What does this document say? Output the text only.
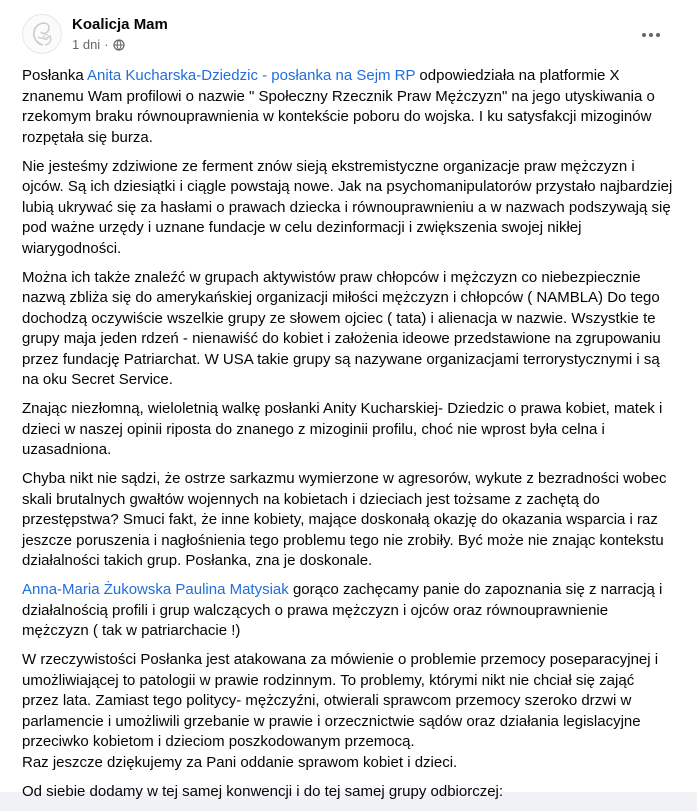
Koalicja Mam
1 dni ·

Posłanka Anita Kucharska-Dziedzic - posłanka na Sejm RP odpowiedziała na platformie X znanemu Wam profilowi o nazwie " Społeczny Rzecznik Praw Mężczyzn" na jego utyskiwania o rzekomym braku równouprawnienia w kontekście poboru do wojska. I ku satysfakcji mizoginów rozpętała się burza.

Nie jesteśmy zdziwione ze ferment znów sieją ekstremistyczne organizacje praw mężczyzn i ojców. Są ich dziesiątki i ciągle powstają nowe. Jak na psychomanipulatorów przystało najbardziej lubią ukrywać się za hasłami o prawach dziecka i równouprawnieniu a w nazwach podszywają się pod ważne urzędy i uznane fundacje w celu dezinformacji i zwiększenia swojej nikłej wiarygodności.

Można ich także znaleźć w grupach aktywistów praw chłopców i mężczyzn co niebezpiecznie nazwą zbliża się do amerykańskiej organizacji miłości mężczyzn i chłopców ( NAMBLA) Do tego dochodzą oczywiście wszelkie grupy ze słowem ojciec ( tata) i alienacja w nazwie. Wszystkie te grupy maja jeden rdzeń - nienawiść do kobiet i założenia ideowe przedstawione na zgrupowaniu przez fundację Patriarchat. W USA takie grupy są nazywane organizacjami terrorystycznymi i są na oku Secret Service.

Znając niezłomną, wieloletnią walkę posłanki Anity Kucharskiej- Dziedzic o prawa kobiet, matek i dzieci w naszej opinii riposta do znanego z mizoginii profilu, choć nie wprost była celna i uzasadniona.

Chyba nikt nie sądzi, że ostrze sarkazmu wymierzone w agresorów, wykute z bezradności wobec skali brutalnych gwałtów wojennych na kobietach i dzieciach jest tożsame z zachętą do przestępstwa? Smuci fakt, że inne kobiety, mające doskonałą okazję do okazania wsparcia i raz jeszcze poruszenia i nagłośnienia tego problemu tego nie zrobiły. Być może nie znając kontekstu działalności takich grup. Posłanka, zna je doskonale.

Anna-Maria Żukowska Paulina Matysiak gorąco zachęcamy panie do zapoznania się z narracją i działalnością profili i grup walczących o prawa mężczyzn i ojców oraz równouprawnienie mężczyzn ( tak w patriarchacie !)

W rzeczywistości Posłanka jest atakowana za mówienie o problemie przemocy poseparacyjnej i umożliwiającej to patologii w prawie rodzinnym. To problemy, którymi nikt nie chciał się zająć przez lata. Zamiast tego politycy- mężczyźni, otwierali sprawcom przemocy szeroko drzwi w parlamencie i umożliwili grzebanie w prawie i orzecznictwie sądów oraz działania legislacyjne przeciwko kobietom i dzieciom poszkodowanym przemocą.
Raz jeszcze dziękujemy za Pani oddanie sprawom kobiet i dzieci.

Od siebie dodamy w tej samej konwencji i do tej samej grupy odbiorczej:
